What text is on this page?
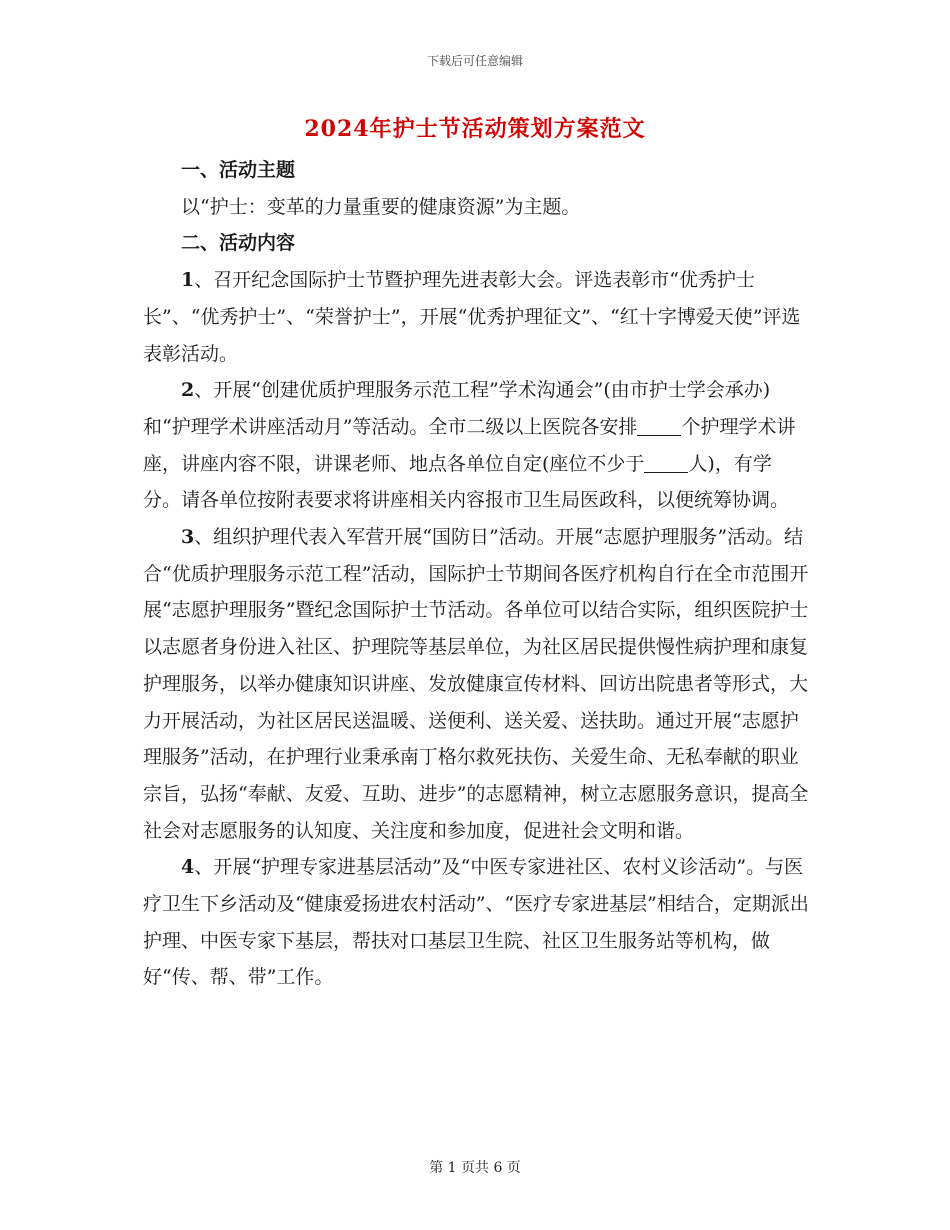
下载后可任意编辑
2024年护士节活动策划方案范文

一、活动主题

以“护士：变革的力量重要的健康资源”为主题。

二、活动内容

1、召开纪念国际护士节暨护理先进表彰大会。评选表彰市“优秀护士长”、“优秀护士”、“荣誉护士”，开展“优秀护理征文”、“红十字博爱天使”评选表彰活动。

2、开展“创建优质护理服务示范工程”学术沟通会”(由市护士学会承办)和“护理学术讲座活动月”等活动。全市二级以上医院各安排 个护理学术讲座，讲座内容不限，讲课老师、地点各单位自定(座位不少于 人)，有学分。请各单位按附表要求将讲座相关内容报市卫生局医政科，以便统筹协调。

3、组织护理代表入军营开展“国防日”活动。开展“志愿护理服务”活动。结合“优质护理服务示范工程”活动，国际护士节期间各医疗机构自行在全市范围开展“志愿护理服务”暨纪念国际护士节活动。各单位可以结合实际，组织医院护士以志愿者身份进入社区、护理院等基层单位，为社区居民提供慢性病护理和康复护理服务，以举办健康知识讲座、发放健康宣传材料、回访出院患者等形式，大力开展活动，为社区居民送温暖、送便利、送关爱、送扶助。通过开展“志愿护理服务”活动，在护理行业秉承南丁格尔救死扶伤、关爱生命、无私奉献的职业宗旨，弘扬“奉献、友爱、互助、进步”的志愿精神，树立志愿服务意识，提高全社会对志愿服务的认知度、关注度和参加度，促进社会文明和谐。

4、开展“护理专家进基层活动”及“中医专家进社区、农村义诊活动”。与医疗卫生下乡活动及“健康爱扬进农村活动”、“医疗专家进基层”相结合，定期派出护理、中医专家下基层，帮扶对口基层卫生院、社区卫生服务站等机构，做好“传、帮、带”工作。

第 1 页共 6 页
